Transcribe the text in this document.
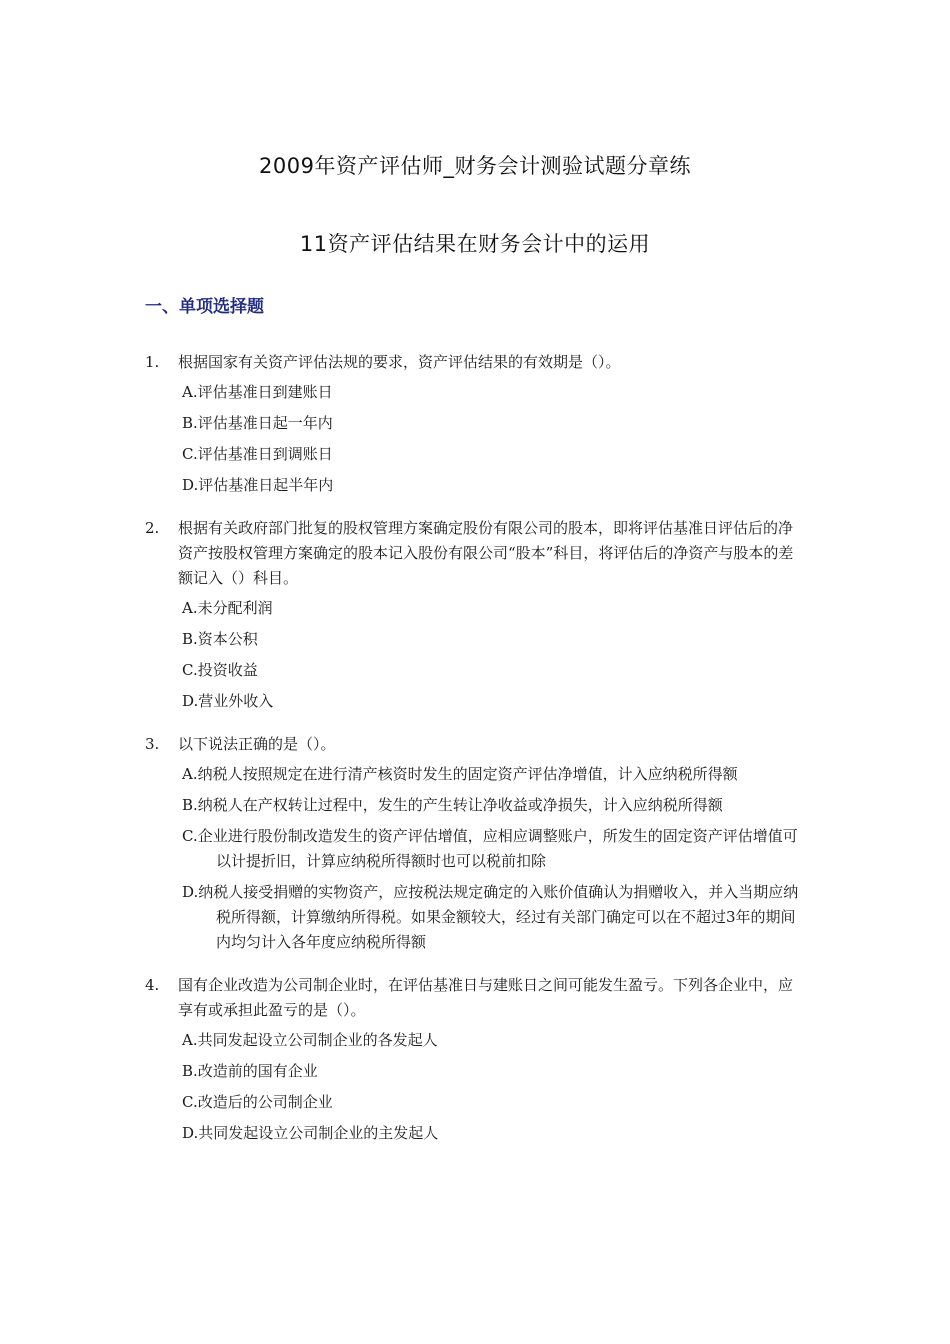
2009年资产评估师_财务会计测验试题分章练
11资产评估结果在财务会计中的运用
一、单项选择题
1. 根据国家有关资产评估法规的要求，资产评估结果的有效期是（）。
A.评估基准日到建账日
B.评估基准日起一年内
C.评估基准日到调账日
D.评估基准日起半年内
2. 根据有关政府部门批复的股权管理方案确定股份有限公司的股本，即将评估基准日评估后的净资产按股权管理方案确定的股本记入股份有限公司“股本”科目，将评估后的净资产与股本的差额记入（）科目。
A.未分配利润
B.资本公积
C.投资收益
D.营业外收入
3. 以下说法正确的是（）。
A.纳税人按照规定在进行清产核资时发生的固定资产评估净增值，计入应纳税所得额
B.纳税人在产权转让过程中，发生的产生转让净收益或净损失，计入应纳税所得额
C.企业进行股份制改造发生的资产评估增值，应相应调整账户，所发生的固定资产评估增值可以计提折旧，计算应纳税所得额时也可以税前扣除
D.纳税人接受捐赠的实物资产，应按税法规定确定的入账价值确认为捐赠收入，并入当期应纳税所得额，计算缴纳所得税。如果金额较大，经过有关部门确定可以在不超过3年的期间内均匀计入各年度应纳税所得额
4. 国有企业改造为公司制企业时，在评估基准日与建账日之间可能发生盈亏。下列各企业中，应享有或承担此盈亏的是（）。
A.共同发起设立公司制企业的各发起人
B.改造前的国有企业
C.改造后的公司制企业
D.共同发起设立公司制企业的主发起人
